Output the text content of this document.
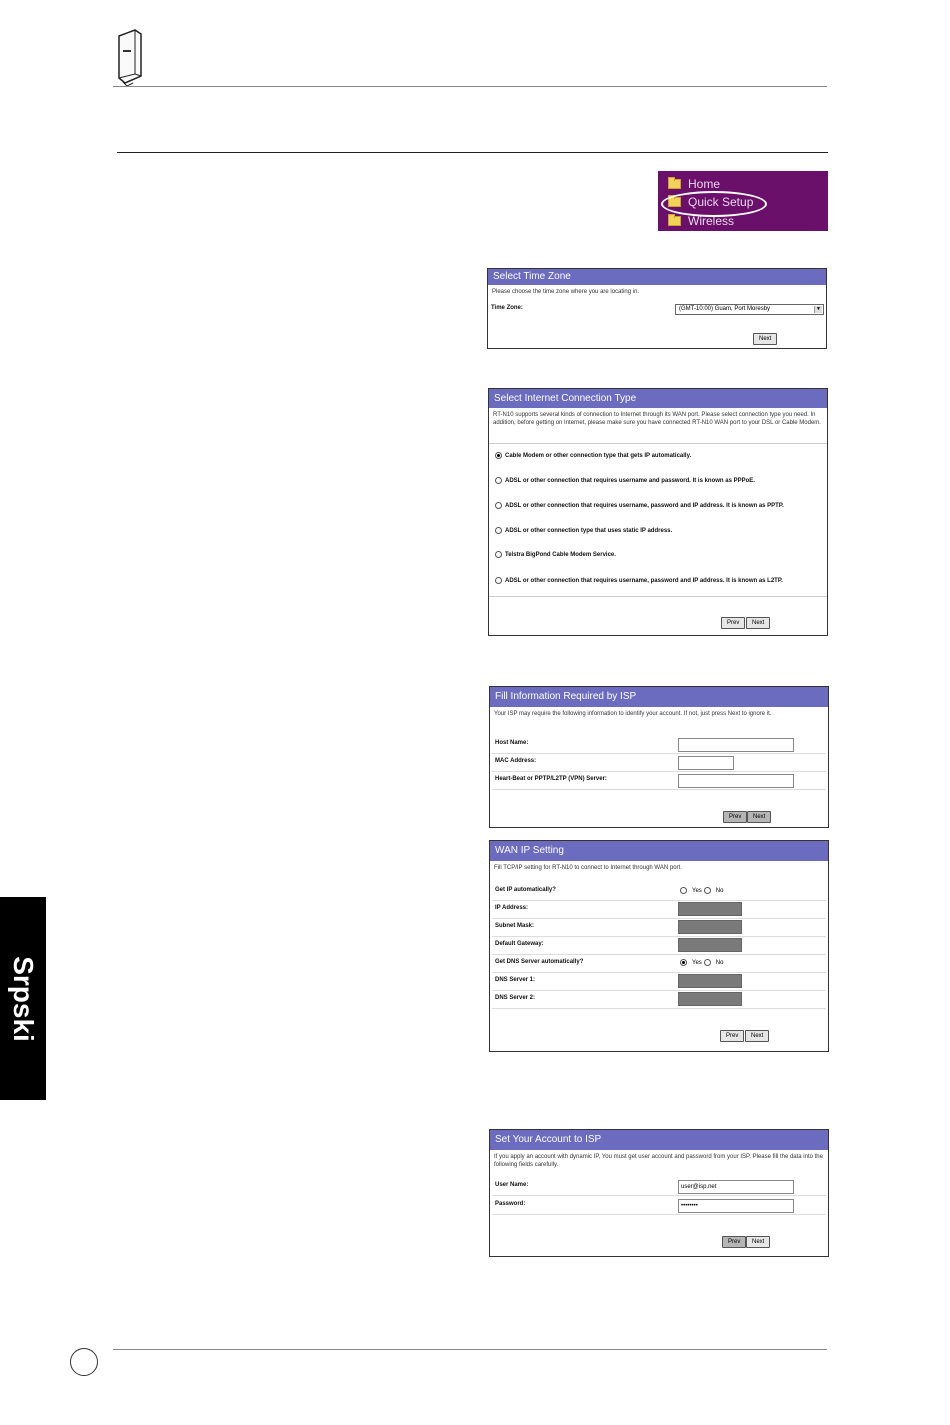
Srpski
Home
Quick Setup
Wireless
Select Time Zone
Please choose the time zone where you are locating in.
Time Zone:	(GMT-10:00) Guam, Port Moresby	▼
Next
Select Internet Connection Type
RT-N10 supports several kinds of connection to Internet through its WAN port. Please select connection type you need. In addition, before getting on Internet, please make sure you have connected RT-N10 WAN port to your DSL or Cable Modem.
Cable Modem or other connection type that gets IP automatically.
ADSL or other connection that requires username and password. It is known as PPPoE.
ADSL or other connection that requires username, password and IP address. It is known as PPTP.
ADSL or other connection type that uses static IP address.
Telstra BigPond Cable Modem Service.
ADSL or other connection that requires username, password and IP address. It is known as L2TP.
Prev	Next
Fill Information Required by ISP
Your ISP may require the following information to identify your account. If not, just press Next to ignore it.
Host Name:
MAC Address:
Heart-Beat or PPTP/L2TP (VPN) Server:
Prev	Next
WAN IP Setting
Fill TCP/IP setting for RT-N10 to connect to Internet through WAN port.
Get IP automatically?	Yes No
IP Address:
Subnet Mask:
Default Gateway:
Get DNS Server automatically?	Yes No
DNS Server 1:
DNS Server 2:
Prev	Next
Set Your Account to ISP
If you apply an account with dynamic IP, You must get user account and password from your ISP. Please fill the data into the following fields carefully.
User Name:	user@isp.net
Password:	••••••••
Prev	Next
